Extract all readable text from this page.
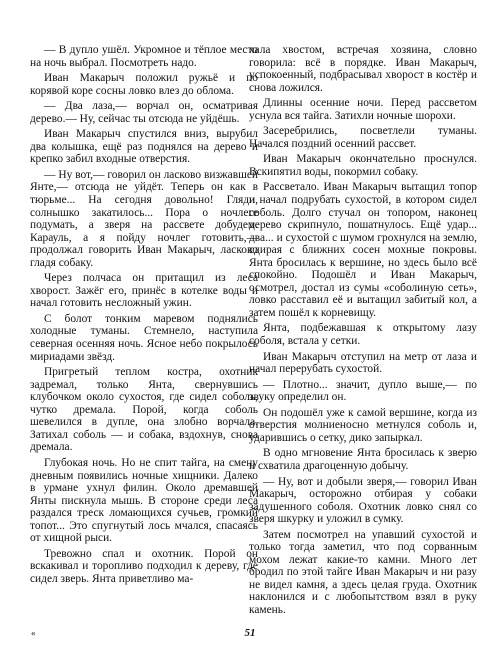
— В дупло ушёл. Укромное и тёплое место на ночь выбрал. Посмотреть надо.

Иван Макарыч положил ружьё и по корявой коре сосны ловко влез до облома.

— Два лаза,— ворчал он, осматривая дерево.— Ну, сейчас ты отсюда не уйдёшь.

Иван Макарыч спустился вниз, вырубил два колышка, ещё раз поднялся на дерево и крепко забил входные отверстия.

— Ну вот,— говорил он ласково визжавшей Янте,— отсюда не уйдёт. Теперь он как в тюрьме... На сегодня довольно! Гляди, солнышко закатилось... Пора о ночлеге подумать, а зверя на рассвете добудем. Карауль, а я пойду ночлег готовить,— продолжал говорить Иван Макарыч, ласково гладя собаку.

Через полчаса он притащил из леса хворост. Зажёг его, принёс в котелке воды и начал готовить несложный ужин.

С болот тонким маревом поднялись холодные туманы. Стемнело, наступила северная осенняя ночь. Ясное небо покрылось мириадами звёзд.

Пригретый теплом костра, охотник задремал, только Янта, свернувшись клубочком около сухостоя, где сидел соболь, чутко дремала. Порой, когда соболь шевелился в дупле, она злобно ворчала. Затихал соболь — и собака, вздохнув, снова дремала.

Глубокая ночь. Но не спит тайга, на смену дневным появились ночные хищники. Далеко в урмане ухнул филин. Около дремавшей Янты пискнула мышь. В стороне среди леса раздался треск ломающихся сучьев, громкий топот... Это спугнутый лось мчался, спасаясь от хищной рыси.

Тревожно спал и охотник. Порой он вскакивал и торопливо подходил к дереву, где сидел зверь. Янта приветливо ма-

хала хвостом, встречая хозяина, словно говорила: всё в порядке. Иван Макарыч, успокоенный, подбрасывал хворост в костёр и снова ложился.

Длинны осенние ночи. Перед рассветом уснула вся тайга. Затихли ночные шорохи.

Засеребрились, посветлели туманы. Начался поздний осенний рассвет.

Иван Макарыч окончательно проснулся. Вскипятил воды, покормил собаку.

Рассветало. Иван Макарыч вытащил топор и начал подрубать сухостой, в котором сидел соболь. Долго стучал он топором, наконец дерево скрипнуло, пошатнулось. Ещё удар... два... и сухостой с шумом грохнулся на землю, сдирая с ближних сосен мохные покровы. Янта бросилась к вершине, но здесь было всё спокойно. Подошёл и Иван Макарыч, осмотрел, достал из сумы «соболиную сеть», ловко расставил её и вытащил забитый кол, а затем пошёл к корневищу.

Янта, подбежавшая к открытому лазу соболя, встала у сетки.

Иван Макарыч отступил на метр от лаза и начал перерубать сухостой.

— Плотно... значит, дупло выше,— по звуку определил он.

Он подошёл уже к самой вершине, когда из отверстия молниеносно метнулся соболь и, ударившись о сетку, дико запыркал.

В одно мгновение Янта бросилась к зверю и схватила драгоценную добычу.

— Ну, вот и добыли зверя,— говорил Иван Макарыч, осторожно отбирая у собаки задушенного соболя. Охотник ловко снял со зверя шкурку и уложил в сумку.

Затем посмотрел на упавший сухостой и только тогда заметил, что под сорванным мохом лежат какие-то камни. Много лет бродил по этой тайге Иван Макарыч и ни разу не видел камня, а здесь целая груда. Охотник наклонился и с любопытством взял в руку камень.

«	51
